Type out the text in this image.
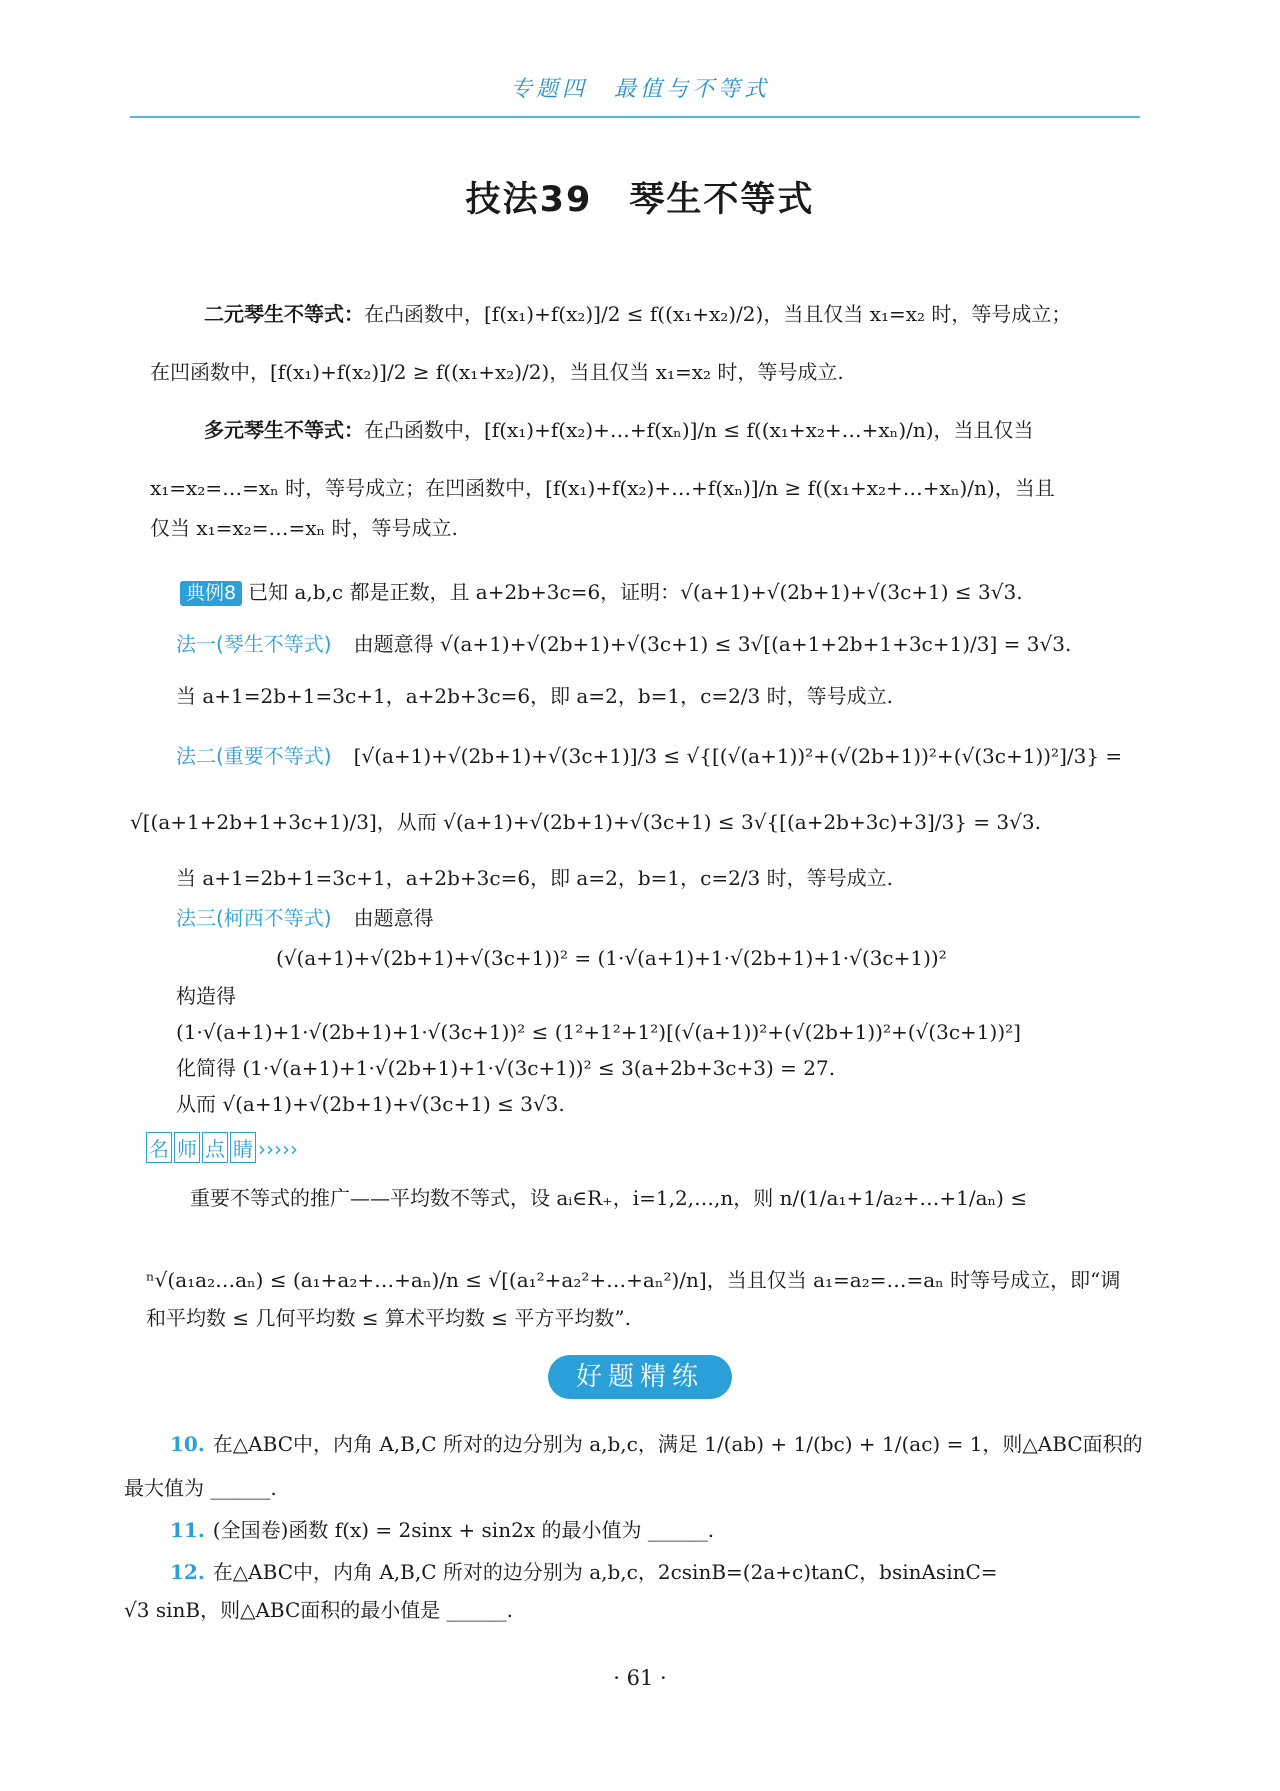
专题四　最值与不等式
技法39　琴生不等式
二元琴生不等式：在凸函数中，[f(x₁)+f(x₂)]/2 ≤ f((x₁+x₂)/2)，当且仅当 x₁=x₂ 时，等号成立；
在凹函数中，[f(x₁)+f(x₂)]/2 ≥ f((x₁+x₂)/2)，当且仅当 x₁=x₂ 时，等号成立.
多元琴生不等式：在凸函数中，[f(x₁)+f(x₂)+…+f(xₙ)]/n ≤ f((x₁+x₂+…+xₙ)/n)，当且仅当
x₁=x₂=…=xₙ 时，等号成立；在凹函数中，[f(x₁)+f(x₂)+…+f(xₙ)]/n ≥ f((x₁+x₂+…+xₙ)/n)，当且
仅当 x₁=x₂=…=xₙ 时，等号成立.
典例8 已知 a,b,c 都是正数，且 a+2b+3c=6，证明：√(a+1)+√(2b+1)+√(3c+1) ≤ 3√3.
法一(琴生不等式) 由题意得 √(a+1)+√(2b+1)+√(3c+1) ≤ 3√[(a+1+2b+1+3c+1)/3] = 3√3.
当 a+1=2b+1=3c+1，a+2b+3c=6，即 a=2，b=1，c=2/3 时，等号成立.
法二(重要不等式) [√(a+1)+√(2b+1)+√(3c+1)]/3 ≤ √{[(√(a+1))²+(√(2b+1))²+(√(3c+1))²]/3} =
√[(a+1+2b+1+3c+1)/3]，从而 √(a+1)+√(2b+1)+√(3c+1) ≤ 3√{[(a+2b+3c)+3]/3} = 3√3.
当 a+1=2b+1=3c+1，a+2b+3c=6，即 a=2，b=1，c=2/3 时，等号成立.
法三(柯西不等式) 由题意得
(√(a+1)+√(2b+1)+√(3c+1))² = (1·√(a+1)+1·√(2b+1)+1·√(3c+1))²
构造得
(1·√(a+1)+1·√(2b+1)+1·√(3c+1))² ≤ (1²+1²+1²)[(√(a+1))²+(√(2b+1))²+(√(3c+1))²]
化简得 (1·√(a+1)+1·√(2b+1)+1·√(3c+1))² ≤ 3(a+2b+3c+3) = 27.
从而 √(a+1)+√(2b+1)+√(3c+1) ≤ 3√3.
名 师 点 睛 ›››››
重要不等式的推广——平均数不等式，设 aᵢ∈R₊，i=1,2,…,n，则 n/(1/a₁+1/a₂+…+1/aₙ) ≤
ⁿ√(a₁a₂…aₙ) ≤ (a₁+a₂+…+aₙ)/n ≤ √[(a₁²+a₂²+…+aₙ²)/n]，当且仅当 a₁=a₂=…=aₙ 时等号成立，即“调
和平均数 ≤ 几何平均数 ≤ 算术平均数 ≤ 平方平均数”.
好题精练
10. 在△ABC中，内角 A,B,C 所对的边分别为 a,b,c，满足 1/(ab) + 1/(bc) + 1/(ac) = 1，则△ABC面积的
最大值为 ______.
11. (全国卷)函数 f(x) = 2sinx + sin2x 的最小值为 ______.
12. 在△ABC中，内角 A,B,C 所对的边分别为 a,b,c，2csinB=(2a+c)tanC，bsinAsinC=
√3 sinB，则△ABC面积的最小值是 ______.
· 61 ·
